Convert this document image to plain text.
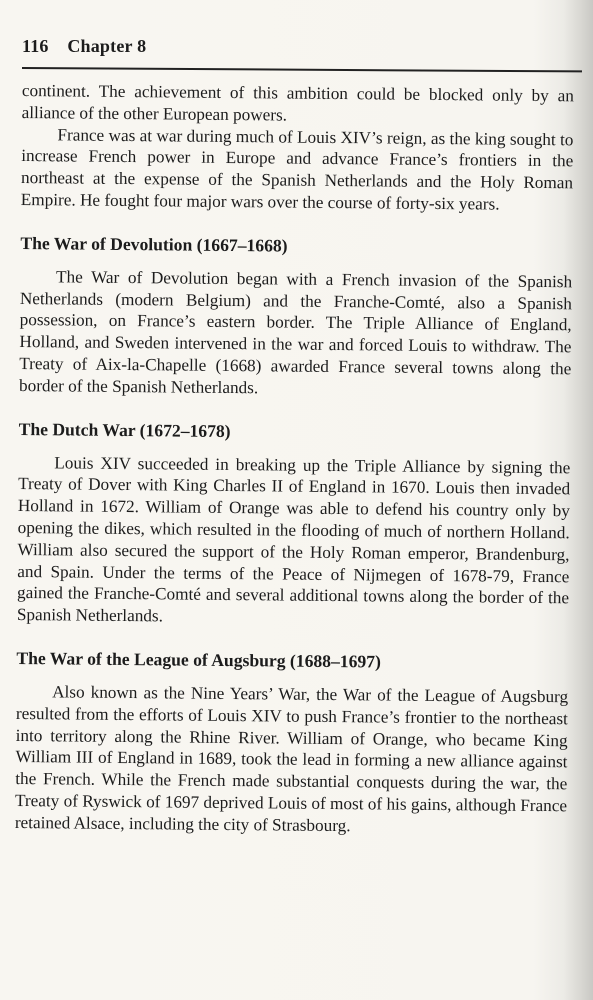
116 Chapter 8

continent. The achievement of this ambition could be blocked only by an alliance of the other European powers.

France was at war during much of Louis XIV’s reign, as the king sought to increase French power in Europe and advance France’s frontiers in the northeast at the expense of the Spanish Netherlands and the Holy Roman Empire. He fought four major wars over the course of forty-six years.

The War of Devolution (1667–1668)

The War of Devolution began with a French invasion of the Spanish Netherlands (modern Belgium) and the Franche-Comté, also a Spanish possession, on France’s eastern border. The Triple Alliance of England, Holland, and Sweden intervened in the war and forced Louis to withdraw. The Treaty of Aix-la-Chapelle (1668) awarded France several towns along the border of the Spanish Netherlands.

The Dutch War (1672–1678)

Louis XIV succeeded in breaking up the Triple Alliance by signing the Treaty of Dover with King Charles II of England in 1670. Louis then invaded Holland in 1672. William of Orange was able to defend his country only by opening the dikes, which resulted in the flooding of much of northern Holland. William also secured the support of the Holy Roman emperor, Brandenburg, and Spain. Under the terms of the Peace of Nijmegen of 1678-79, France gained the Franche-Comté and several additional towns along the border of the Spanish Netherlands.

The War of the League of Augsburg (1688–1697)

Also known as the Nine Years’ War, the War of the League of Augsburg resulted from the efforts of Louis XIV to push France’s frontier to the northeast into territory along the Rhine River. William of Orange, who became King William III of England in 1689, took the lead in forming a new alliance against the French. While the French made substantial conquests during the war, the Treaty of Ryswick of 1697 deprived Louis of most of his gains, although France retained Alsace, including the city of Strasbourg.
